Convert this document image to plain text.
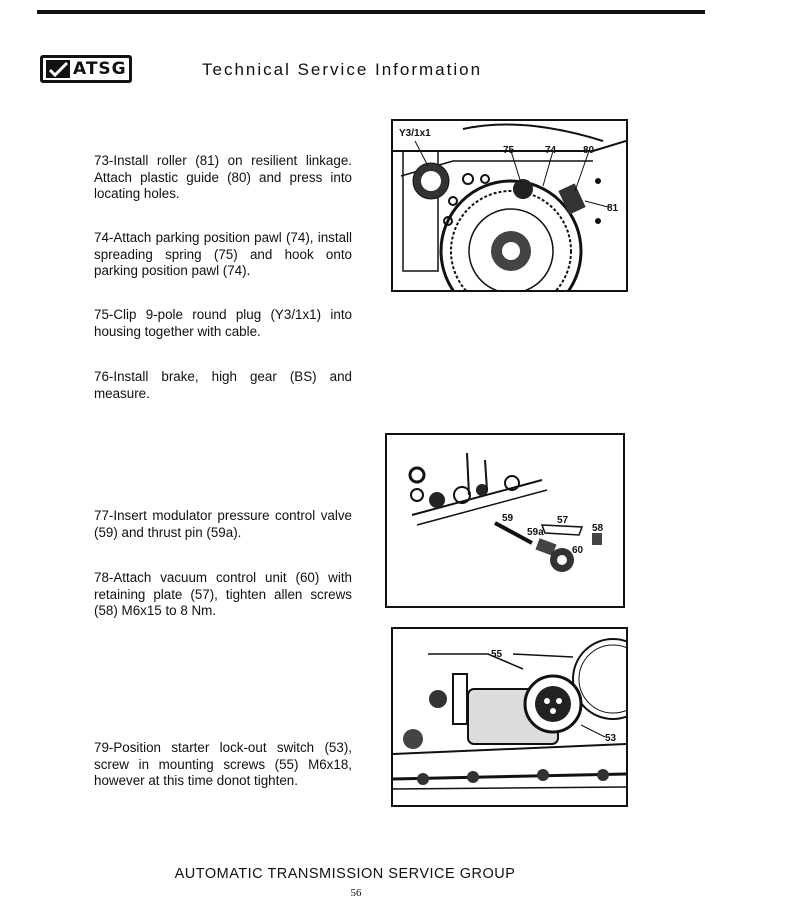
ATSG	Technical Service Information
73-Install roller (81) on resilient linkage. Attach plastic guide (80) and press into locating holes.
74-Attach parking position pawl (74), install spreading spring (75) and hook onto parking position pawl (74).
75-Clip 9-pole round plug (Y3/1x1) into housing together with cable.
76-Install brake, high gear (BS) and measure.
77-Insert modulator pressure control valve (59) and thrust pin (59a).
78-Attach vacuum control unit (60) with retaining plate (57), tighten allen screws (58) M6x15 to 8 Nm.
79-Position starter lock-out switch (53), screw in mounting screws (55) M6x18, however at this time donot tighten.
Y3/1x1
75	74	80
81
59
59a
57
58
60
55
53
AUTOMATIC TRANSMISSION SERVICE GROUP
56
